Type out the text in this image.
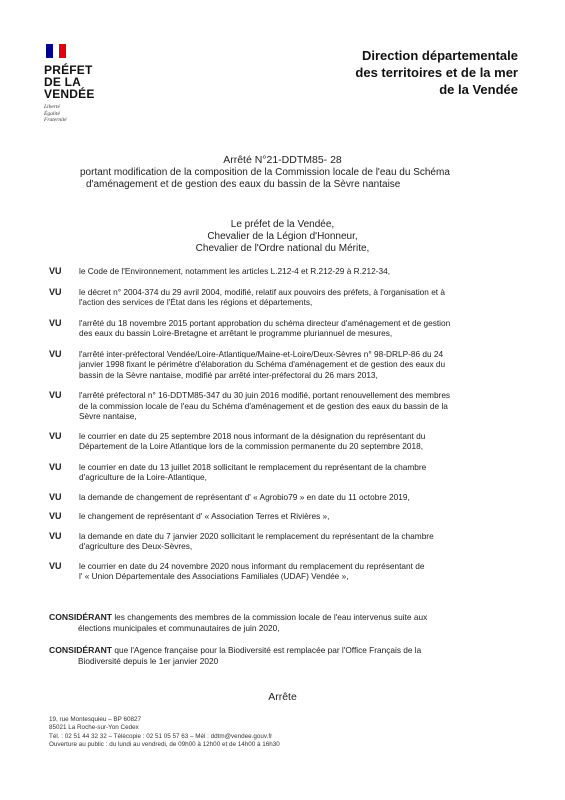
PRÉFET
DE LA VENDÉE
Liberté
Égalité
Fraternité
Direction départementale
des territoires et de la mer
de la Vendée
Arrêté N°21-DDTM85- 28
portant modification de la composition de la Commission locale de l'eau du Schéma
d'aménagement et de gestion des eaux du bassin de la Sèvre nantaise
Le préfet de la Vendée,
Chevalier de la Légion d'Honneur,
Chevalier de l'Ordre national du Mérite,
VU	le Code de l'Environnement, notamment les articles L.212-4 et R.212-29 à R.212-34,
VU	le décret n° 2004-374 du 29 avril 2004, modifié, relatif aux pouvoirs des préfets, à l'organisation et à
l'action des services de l'État dans les régions et départements,
VU	l'arrêté du 18 novembre 2015 portant approbation du schéma directeur d'aménagement et de gestion
des eaux du bassin Loire-Bretagne et arrêtant le programme pluriannuel de mesures,
VU	l'arrêté inter-préfectoral Vendée/Loire-Atlantique/Maine-et-Loire/Deux-Sèvres n° 98-DRLP-86 du 24
janvier 1998 fixant le périmètre d'élaboration du Schéma d'aménagement et de gestion des eaux du
bassin de la Sèvre nantaise, modifié par arrêté inter-préfectoral du 26 mars 2013,
VU	l'arrêté préfectoral n° 16-DDTM85-347 du 30 juin 2016 modifié, portant renouvellement des membres
de la commission locale de l'eau du Schéma d'aménagement et de gestion des eaux du bassin de la
Sèvre nantaise,
VU	le courrier en date du 25 septembre 2018 nous informant de la désignation du représentant du
Département de la Loire Atlantique lors de la commission permanente du 20 septembre 2018,
VU	le courrier en date du 13 juillet 2018 sollicitant le remplacement du représentant de la chambre
d'agriculture de la Loire-Atlantique,
VU	la demande de changement de représentant d' « Agrobio79 » en date du 11 octobre 2019,
VU	le changement de représentant d' « Association Terres et Rivières »,
VU	la demande en date du 7 janvier 2020 sollicitant le remplacement du représentant de la chambre
d'agriculture des Deux-Sèvres,
VU	le courrier en date du 24 novembre 2020 nous informant du remplacement du représentant de
l' « Union Départementale des Associations Familiales (UDAF) Vendée »,
CONSIDÉRANT les changements des membres de la commission locale de l'eau intervenus suite aux
élections municipales et communautaires de juin 2020,
CONSIDÉRANT que l'Agence française pour la Biodiversité est remplacée par l'Office Français de la
Biodiversité depuis le 1er janvier 2020
Arrête
19, rue Montesquieu – BP 60827
85021 La Roche-sur-Yon Cedex
Tél. : 02 51 44 32 32 – Télécopie : 02 51 05 57 63 – Mél : ddtm@vendee.gouv.fr
Ouverture au public : du lundi au vendredi, de 09h00 à 12h00 et de 14h00 à 16h30
